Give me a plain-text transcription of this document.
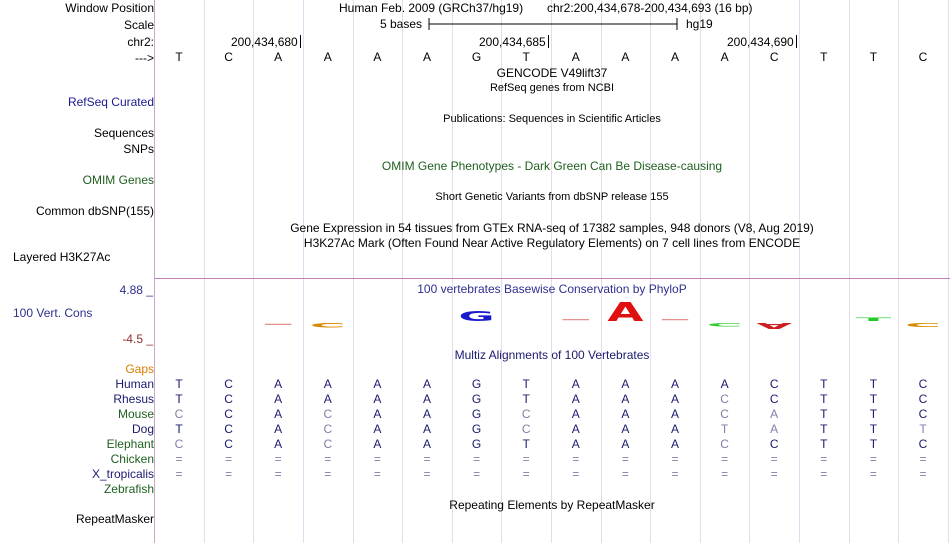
Window Position	Human Feb. 2009 (GRCh37/hg19) chr2:200,434,678-200,434,693 (16 bp)
Scale	5 bases	hg19
chr2:	200,434,680	200,434,685	200,434,690
---> T	C	A	A	A	A	G	T	A	A	A	A	C	T	T	C
GENCODE V49lift37
RefSeq genes from NCBI
RefSeq Curated
Publications: Sequences in Scientific Articles
Sequences
SNPs
OMIM Gene Phenotypes - Dark Green Can Be Disease-causing
OMIM Genes
Short Genetic Variants from dbSNP release 155
Common dbSNP(155)
Gene Expression in 54 tissues from GTEx RNA-seq of 17382 samples, 948 donors (V8, Aug 2019)
H3K27Ac Mark (Often Found Near Active Regulatory Elements) on 7 cell lines from ENCODE
Layered H3K27Ac
100 vertebrates Basewise Conservation by PhyloP
4.88 _
100 Vert. Cons
-4.5 _
- C
G	- A -
C A
T
C
Multiz Alignments of 100 Vertebrates
Gaps
Human T	C	A	A	A	A	G	T	A	A	A	A	C	T	T	C
Rhesus T	C	A	A	A	A	G	T	A	A	A	C	C	T	T	C
Mouse C	C	A	C	A	A	G	C	A	A	A	C	A	T	T	C
Dog T	C	A	C	A	A	G	C	A	A	A	T	A	T	T	T
Elephant C	C	A	C	A	A	G	T	A	A	A	C	C	T	T	C
Chicken =	=	=	=	=	=	=	=	=	=	=	=	=	=	=	=
X_tropicalis =	=	=	=	=	=	=	=	=	=	=	=	=	=	=	=
Zebrafish
Repeating Elements by RepeatMasker
RepeatMasker
